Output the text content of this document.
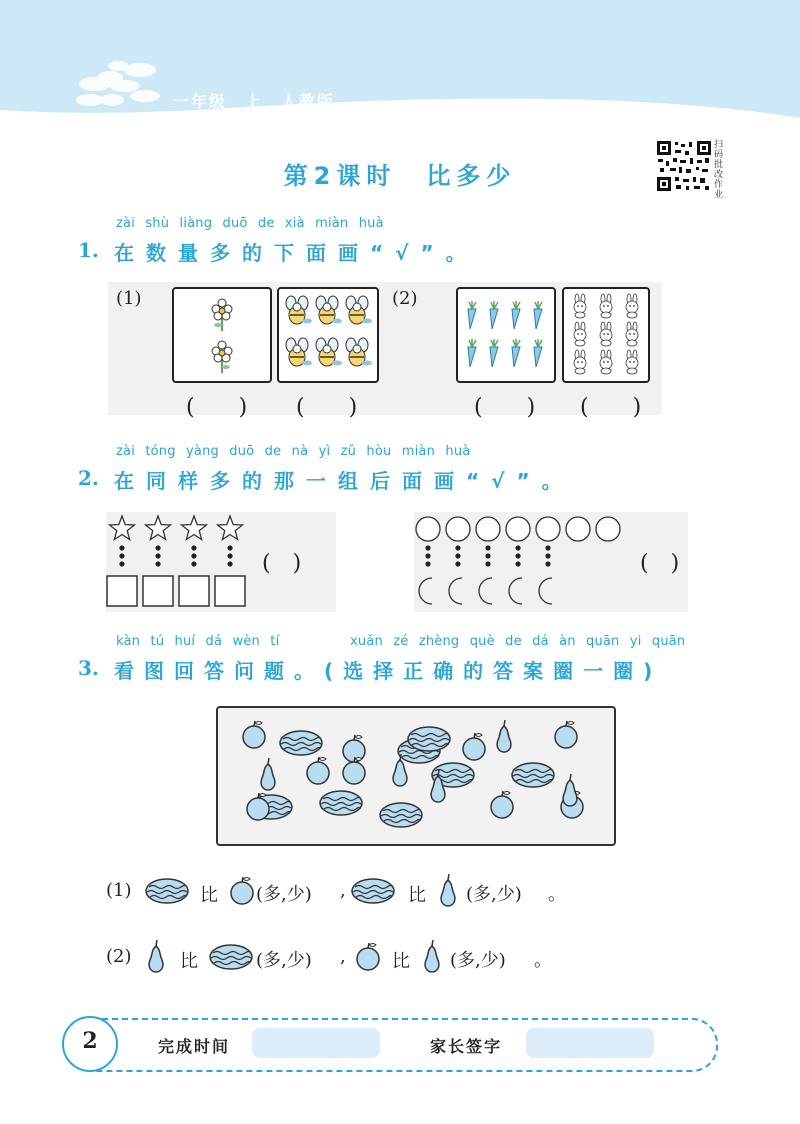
一年级　上　人教版
第2课时　比多少
扫码批改作业
zài shù liàng duō de xià miàn huà
1. 在数量多的下面画“√”。
(1)	(2)
(　　) (　　)	(　　) (　　)
zài tóng yàng duō de nà yì zǔ hòu miàn huà
2. 在同样多的那一组后面画“√”。
(　)	(　)
kàn tú huí dá wèn tí	xuǎn zé zhèng què de dá àn quān yi quān
3. 看图回答问题。(选择正确的答案圈一圈)
(1)	比 (多,少) ,	比 (多,少) 。
(2)	比	(多,少) ,	比 (多,少) 。
2	完成时间	家长签字
